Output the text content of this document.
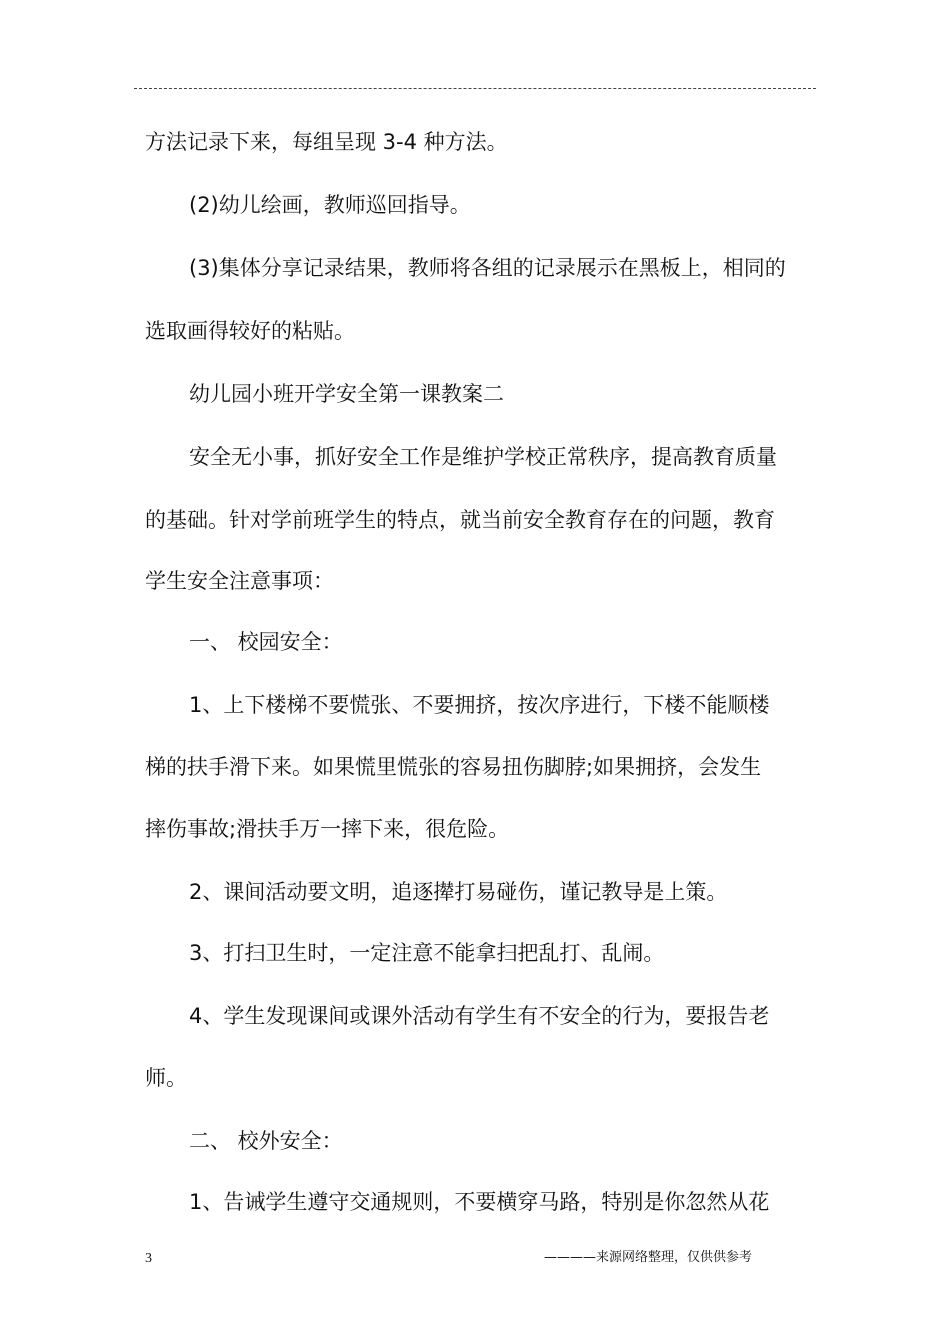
方法记录下来，每组呈现 3-4 种方法。

(2)幼儿绘画，教师巡回指导。

(3)集体分享记录结果，教师将各组的记录展示在黑板上，相同的

选取画得较好的粘贴。

幼儿园小班开学安全第一课教案二

安全无小事，抓好安全工作是维护学校正常秩序，提高教育质量

的基础。针对学前班学生的特点，就当前安全教育存在的问题，教育

学生安全注意事项：

一、 校园安全：

1、上下楼梯不要慌张、不要拥挤，按次序进行，下楼不能顺楼

梯的扶手滑下来。如果慌里慌张的容易扭伤脚脖;如果拥挤，会发生

摔伤事故;滑扶手万一摔下来，很危险。

2、课间活动要文明，追逐撵打易碰伤，谨记教导是上策。

3、打扫卫生时，一定注意不能拿扫把乱打、乱闹。

4、学生发现课间或课外活动有学生有不安全的行为，要报告老

师。

二、 校外安全：

1、告诫学生遵守交通规则，不要横穿马路，特别是你忽然从花

3	————来源网络整理，仅供供参考
